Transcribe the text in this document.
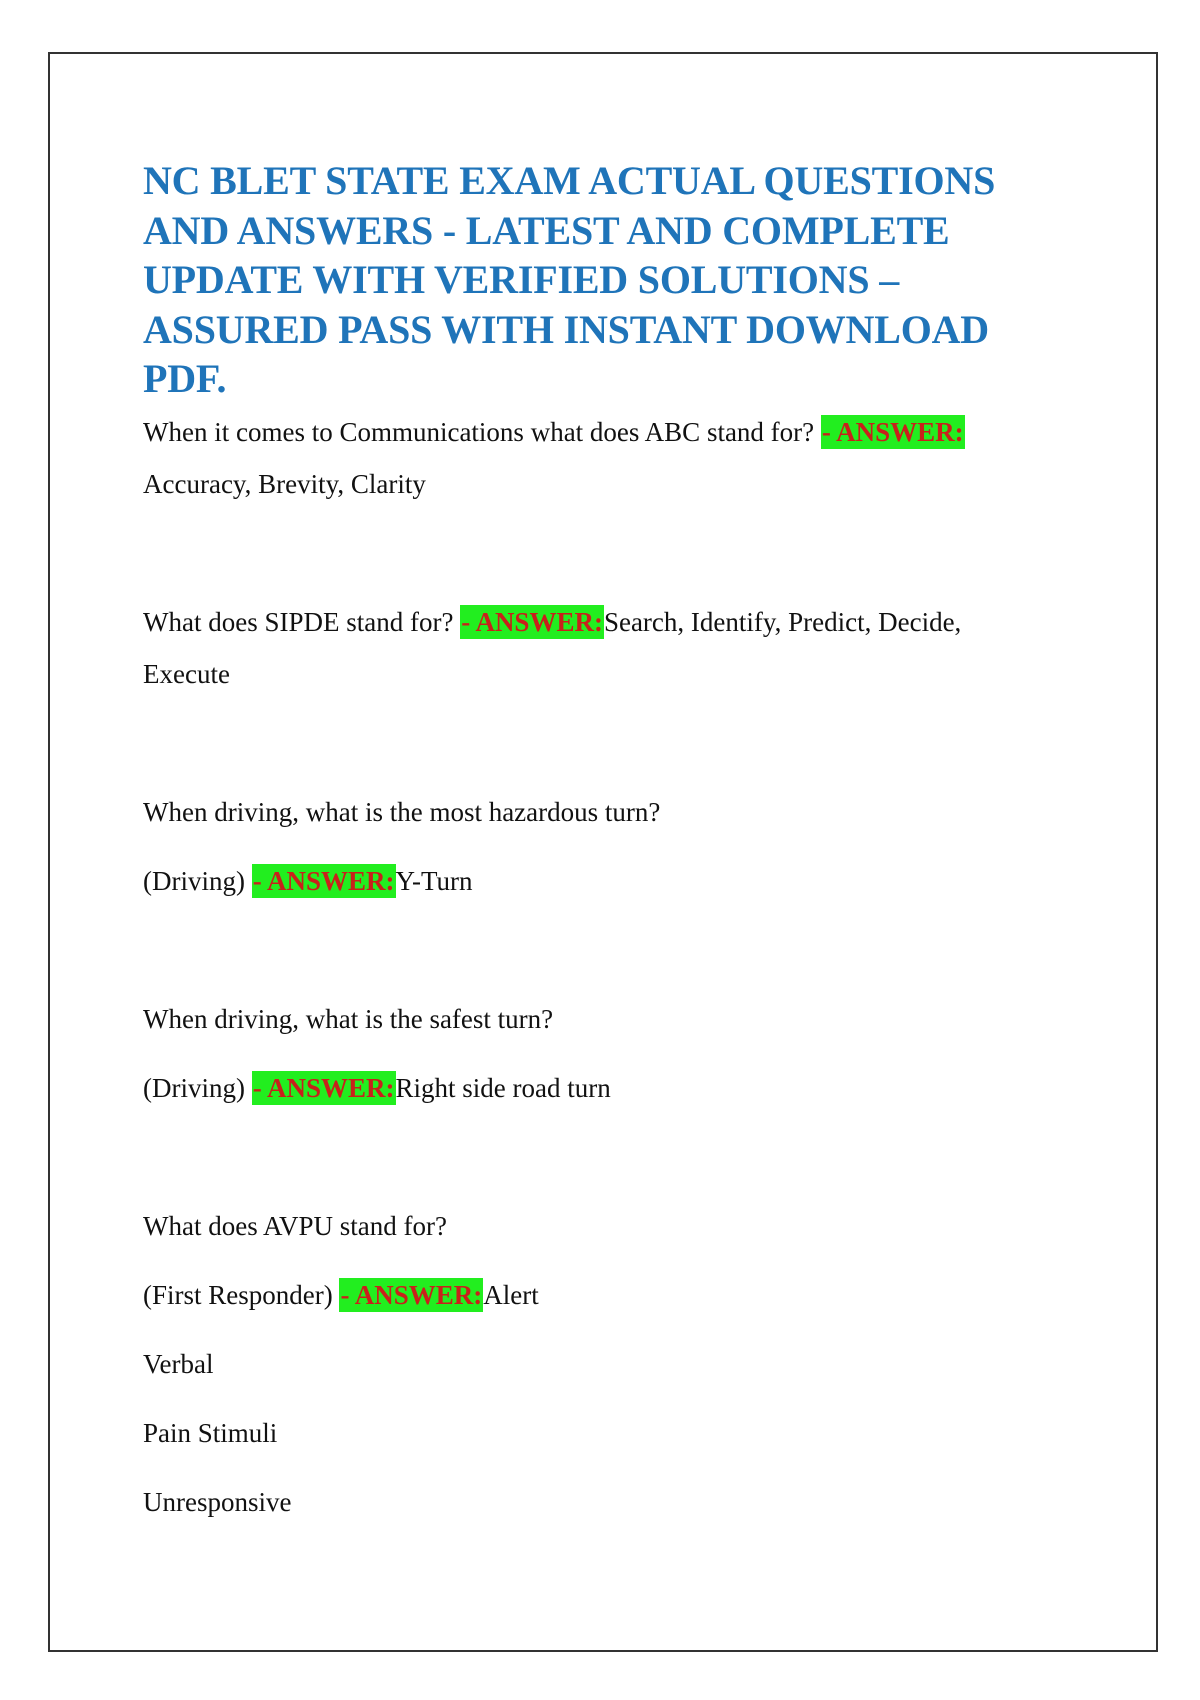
NC BLET STATE EXAM ACTUAL QUESTIONS
AND ANSWERS - LATEST AND COMPLETE
UPDATE WITH VERIFIED SOLUTIONS –
ASSURED PASS WITH INSTANT DOWNLOAD
PDF.

When it comes to Communications what does ABC stand for? - ANSWER:

Accuracy, Brevity, Clarity

What does SIPDE stand for? - ANSWER:Search, Identify, Predict, Decide,

Execute

When driving, what is the most hazardous turn?

(Driving) - ANSWER:Y-Turn

When driving, what is the safest turn?

(Driving) - ANSWER:Right side road turn

What does AVPU stand for?

(First Responder) - ANSWER:Alert

Verbal

Pain Stimuli

Unresponsive
